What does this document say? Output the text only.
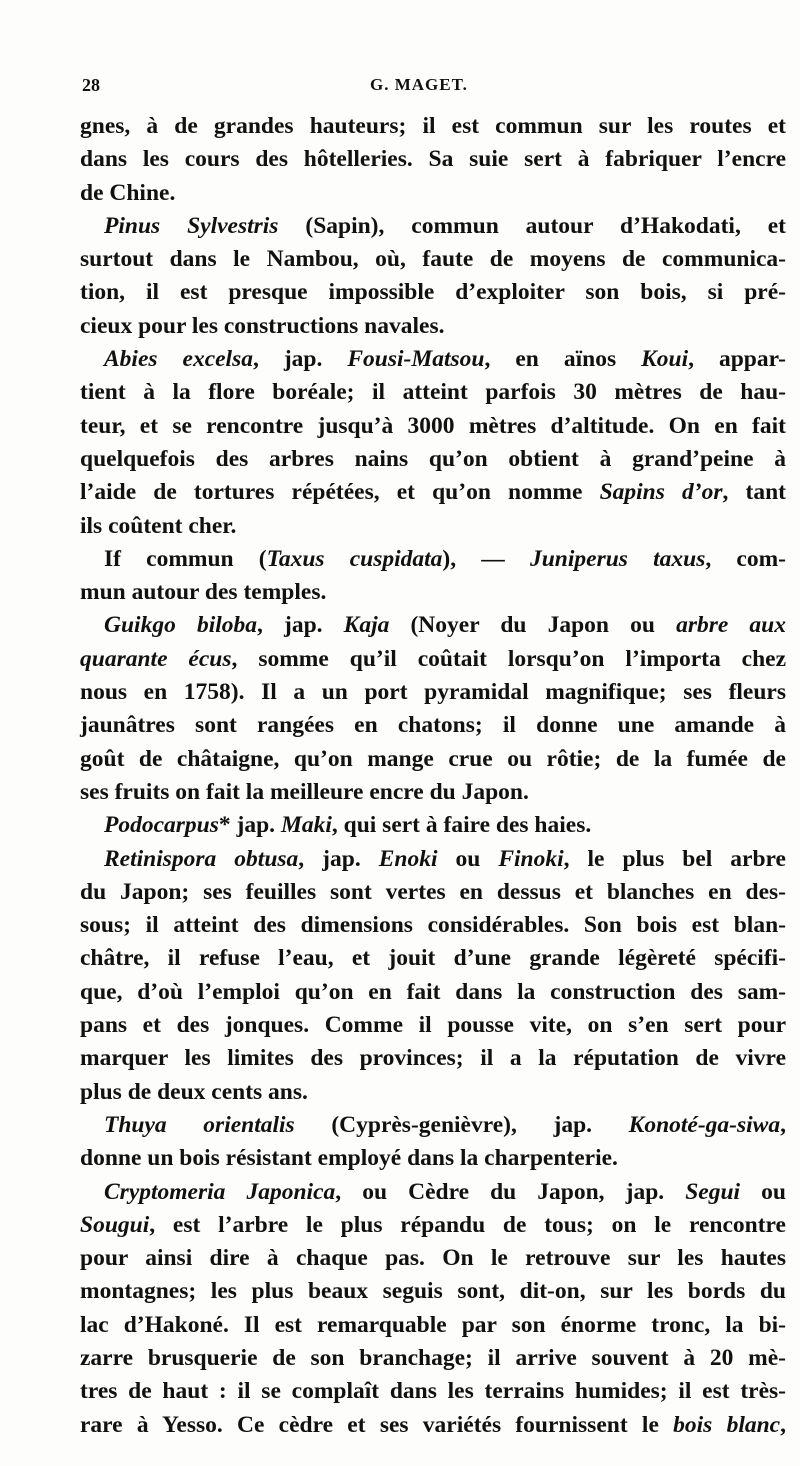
28	G. MAGET.
gnes, à de grandes hauteurs; il est commun sur les routes et
dans les cours des hôtelleries. Sa suie sert à fabriquer l’encre
de Chine.
Pinus Sylvestris (Sapin), commun autour d’Hakodati, et
surtout dans le Nambou, où, faute de moyens de communica-
tion, il est presque impossible d’exploiter son bois, si pré-
cieux pour les constructions navales.
Abies excelsa, jap. Fousi-Matsou, en aïnos Koui, appar-
tient à la flore boréale; il atteint parfois 30 mètres de hau-
teur, et se rencontre jusqu’à 3000 mètres d’altitude. On en fait
quelquefois des arbres nains qu’on obtient à grand’peine à
l’aide de tortures répétées, et qu’on nomme Sapins d’or, tant
ils coûtent cher.
If commun (Taxus cuspidata), — Juniperus taxus, com-
mun autour des temples.
Guikgo biloba, jap. Kaja (Noyer du Japon ou arbre aux
quarante écus, somme qu’il coûtait lorsqu’on l’importa chez
nous en 1758). Il a un port pyramidal magnifique; ses fleurs
jaunâtres sont rangées en chatons; il donne une amande à
goût de châtaigne, qu’on mange crue ou rôtie; de la fumée de
ses fruits on fait la meilleure encre du Japon.
Podocarpus* jap. Maki, qui sert à faire des haies.
Retinispora obtusa, jap. Enoki ou Finoki, le plus bel arbre
du Japon; ses feuilles sont vertes en dessus et blanches en des-
sous; il atteint des dimensions considérables. Son bois est blan-
châtre, il refuse l’eau, et jouit d’une grande légèreté spécifi-
que, d’où l’emploi qu’on en fait dans la construction des sam-
pans et des jonques. Comme il pousse vite, on s’en sert pour
marquer les limites des provinces; il a la réputation de vivre
plus de deux cents ans.
Thuya orientalis (Cyprès-genièvre), jap. Konoté-ga-siwa,
donne un bois résistant employé dans la charpenterie.
Cryptomeria Japonica, ou Cèdre du Japon, jap. Segui ou
Sougui, est l’arbre le plus répandu de tous; on le rencontre
pour ainsi dire à chaque pas. On le retrouve sur les hautes
montagnes; les plus beaux seguis sont, dit-on, sur les bords du
lac d’Hakoné. Il est remarquable par son énorme tronc, la bi-
zarre brusquerie de son branchage; il arrive souvent à 20 mè-
tres de haut : il se complaît dans les terrains humides; il est très-
rare à Yesso. Ce cèdre et ses variétés fournissent le bois blanc,
